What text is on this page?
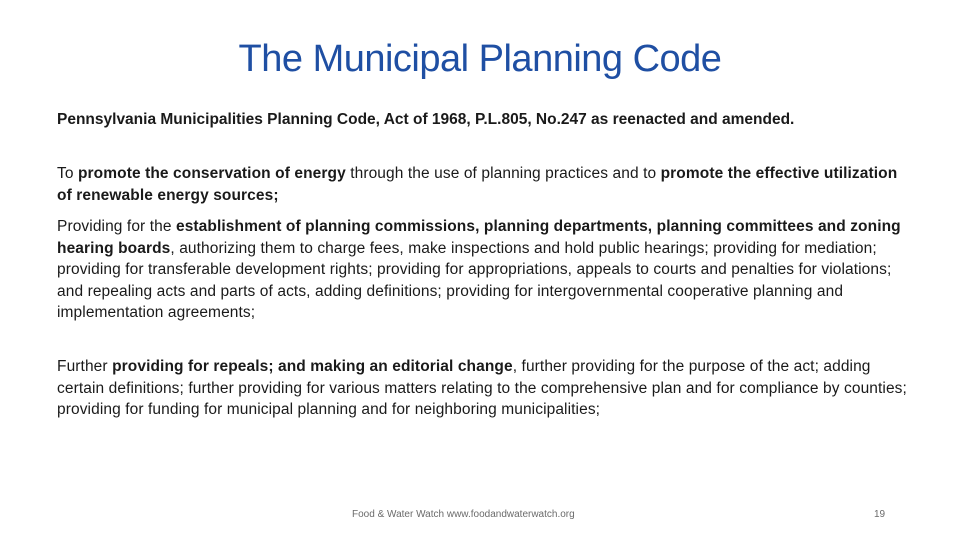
The Municipal Planning Code
Pennsylvania Municipalities Planning Code, Act of 1968, P.L.805, No.247 as reenacted and amended.
To promote the conservation of energy through the use of planning practices and to promote the effective utilization of renewable energy sources;
Providing for the establishment of planning commissions, planning departments, planning committees and zoning hearing boards, authorizing them to charge fees, make inspections and hold public hearings; providing for mediation; providing for transferable development rights; providing for appropriations, appeals to courts and penalties for violations; and repealing acts and parts of acts, adding definitions; providing for intergovernmental cooperative planning and implementation agreements;
Further providing for repeals; and making an editorial change, further providing for the purpose of the act; adding certain definitions; further providing for various matters relating to the comprehensive plan and for compliance by counties; providing for funding for municipal planning and for neighboring municipalities;
Food & Water Watch www.foodandwaterwatch.org	19
